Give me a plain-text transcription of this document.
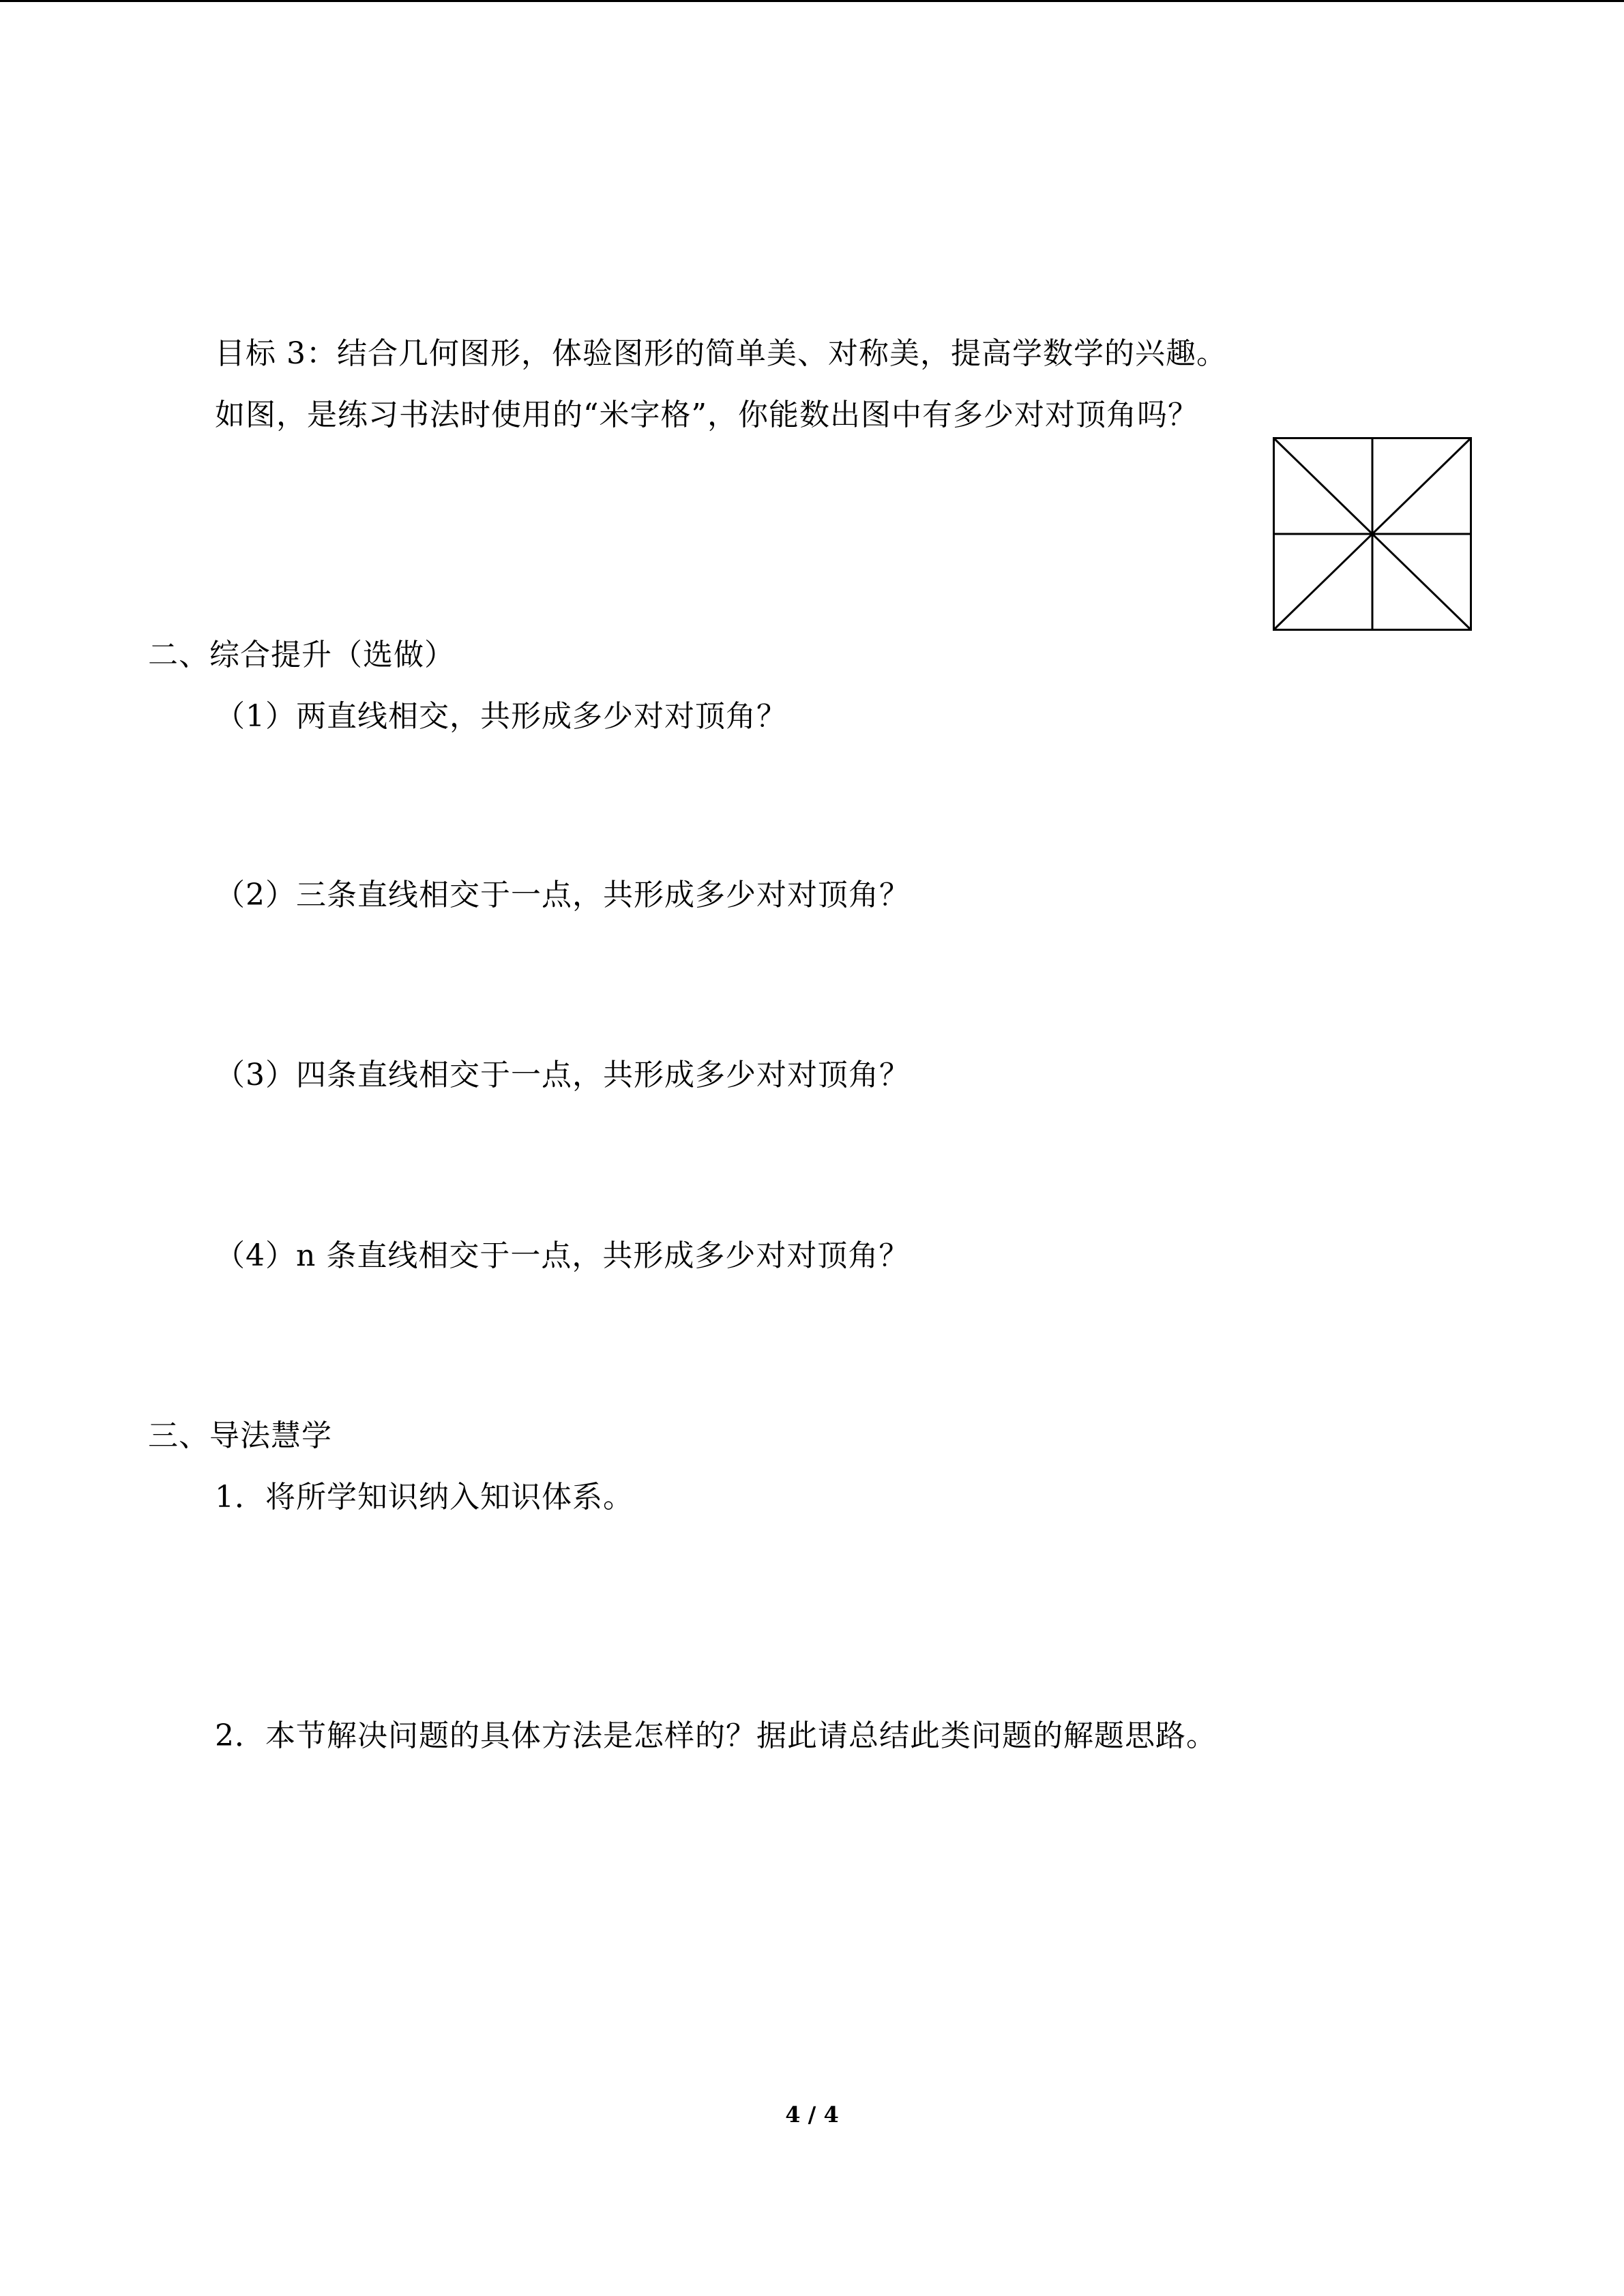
目标 3：结合几何图形，体验图形的简单美、对称美，提高学数学的兴趣。
如图，是练习书法时使用的“米字格”，你能数出图中有多少对对顶角吗？
二、综合提升（选做）
（1）两直线相交，共形成多少对对顶角？
（2）三条直线相交于一点，共形成多少对对顶角？
（3）四条直线相交于一点，共形成多少对对顶角？
（4）n 条直线相交于一点，共形成多少对对顶角？
三、导法慧学
1．将所学知识纳入知识体系。
2．本节解决问题的具体方法是怎样的？据此请总结此类问题的解题思路。
4 / 4
